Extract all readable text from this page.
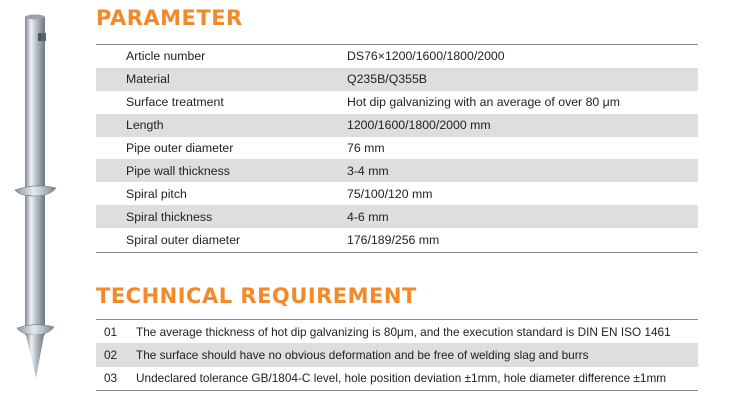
PARAMETER
Article number	DS76×1200/1600/1800/2000
Material	Q235B/Q355B
Surface treatment	Hot dip galvanizing with an average of over 80 μm
Length	1200/1600/1800/2000 mm
Pipe outer diameter	76 mm
Pipe wall thickness	3-4 mm
Spiral pitch	75/100/120 mm
Spiral thickness	4-6 mm
Spiral outer diameter	176/189/256 mm
TECHNICAL REQUIREMENT
01	The average thickness of hot dip galvanizing is 80μm, and the execution standard is DIN EN ISO 1461
02	The surface should have no obvious deformation and be free of welding slag and burrs
03	Undeclared tolerance GB/1804-C level, hole position deviation ±1mm, hole diameter difference ±1mm
